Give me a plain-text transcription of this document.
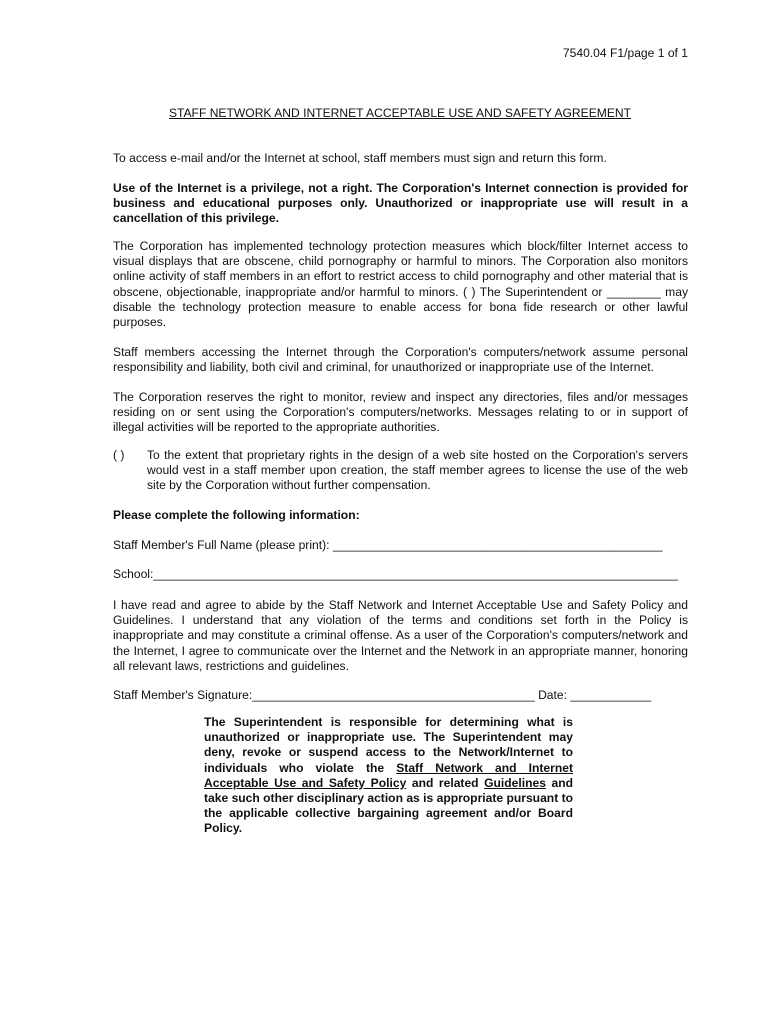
7540.04 F1/page 1 of 1
STAFF NETWORK AND INTERNET ACCEPTABLE USE AND SAFETY AGREEMENT

To access e-mail and/or the Internet at school, staff members must sign and return this form.

Use of the Internet is a privilege, not a right. The Corporation's Internet connection is provided for business and educational purposes only. Unauthorized or inappropriate use will result in a cancellation of this privilege.

The Corporation has implemented technology protection measures which block/filter Internet access to visual displays that are obscene, child pornography or harmful to minors. The Corporation also monitors online activity of staff members in an effort to restrict access to child pornography and other material that is obscene, objectionable, inappropriate and/or harmful to minors. ( ) The Superintendent or ________ may disable the technology protection measure to enable access for bona fide research or other lawful purposes.

Staff members accessing the Internet through the Corporation's computers/network assume personal responsibility and liability, both civil and criminal, for unauthorized or inappropriate use of the Internet.

The Corporation reserves the right to monitor, review and inspect any directories, files and/or messages residing on or sent using the Corporation's computers/networks. Messages relating to or in support of illegal activities will be reported to the appropriate authorities.

( ) To the extent that proprietary rights in the design of a web site hosted on the Corporation's servers would vest in a staff member upon creation, the staff member agrees to license the use of the web site by the Corporation without further compensation.

Please complete the following information:

Staff Member's Full Name (please print): _________________________________________________
School:______________________________________________________________________________

I have read and agree to abide by the Staff Network and Internet Acceptable Use and Safety Policy and Guidelines. I understand that any violation of the terms and conditions set forth in the Policy is inappropriate and may constitute a criminal offense. As a user of the Corporation's computers/network and the Internet, I agree to communicate over the Internet and the Network in an appropriate manner, honoring all relevant laws, restrictions and guidelines.

Staff Member's Signature:__________________________________________ Date: ____________

The Superintendent is responsible for determining what is unauthorized or inappropriate use. The Superintendent may deny, revoke or suspend access to the Network/Internet to individuals who violate the Staff Network and Internet Acceptable Use and Safety Policy and related Guidelines and take such other disciplinary action as is appropriate pursuant to the applicable collective bargaining agreement and/or Board Policy.
